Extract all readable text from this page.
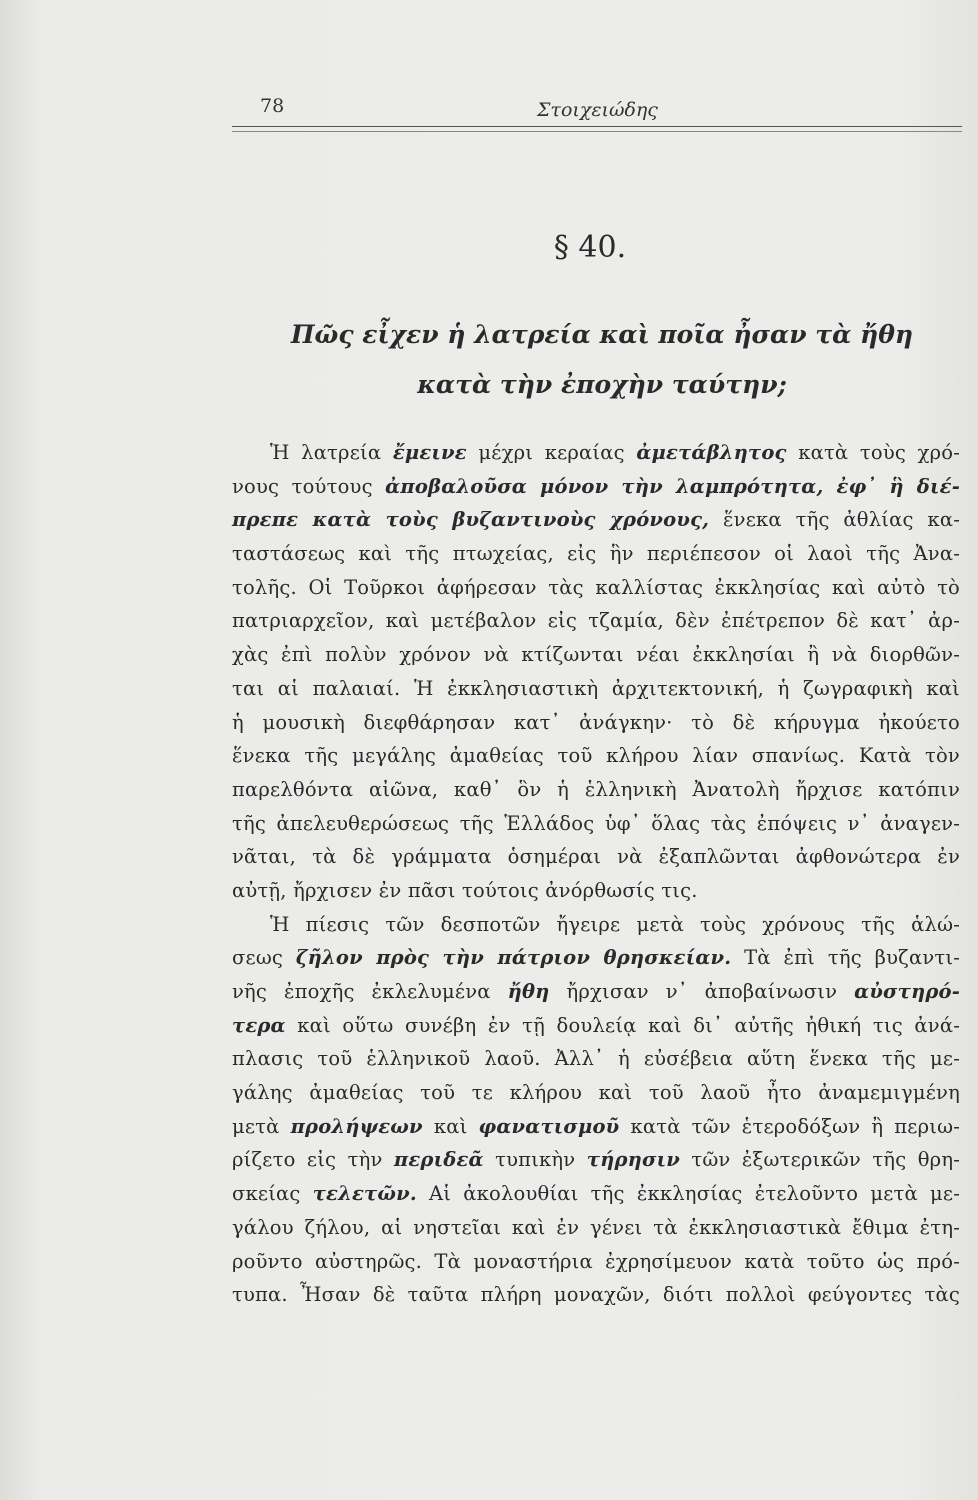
78	Στοιχειώδης
§ 40.
Πῶς εἶχεν ἡ λατρεία καὶ ποῖα ἦσαν τὰ ἤθη
κατὰ τὴν ἐποχὴν ταύτην;
Ἡ λατρεία ἔμεινε μέχρι κεραίας ἀμετάβλητος κατὰ τοὺς χρό-
νους τούτους ἀποβαλοῦσα μόνον τὴν λαμπρότητα, ἐφ᾽ ἣ διέ-
πρεπε κατὰ τοὺς βυζαντινοὺς χρόνους, ἕνεκα τῆς ἀθλίας κα-
ταστάσεως καὶ τῆς πτωχείας, εἰς ἣν περιέπεσον οἱ λαοὶ τῆς Ἀνα-
τολῆς. Οἱ Τοῦρκοι ἀφήρεσαν τὰς καλλίστας ἐκκλησίας καὶ αὐτὸ τὸ
πατριαρχεῖον, καὶ μετέβαλον εἰς τζαμία, δὲν ἐπέτρεπον δὲ κατ᾽ ἀρ-
χὰς ἐπὶ πολὺν χρόνον νὰ κτίζωνται νέαι ἐκκλησίαι ἢ νὰ διορθῶν-
ται αἱ παλαιαί. Ἡ ἐκκλησιαστικὴ ἀρχιτεκτονική, ἡ ζωγραφικὴ καὶ
ἡ μουσικὴ διεφθάρησαν κατ᾽ ἀνάγκην· τὸ δὲ κήρυγμα ἠκούετο
ἕνεκα τῆς μεγάλης ἀμαθείας τοῦ κλήρου λίαν σπανίως. Κατὰ τὸν
παρελθόντα αἰῶνα, καθ᾽ ὃν ἡ ἑλληνικὴ Ἀνατολὴ ἤρχισε κατόπιν
τῆς ἀπελευθερώσεως τῆς Ἑλλάδος ὑφ᾽ ὅλας τὰς ἐπόψεις ν᾽ ἀναγεν-
νᾶται, τὰ δὲ γράμματα ὁσημέραι νὰ ἐξαπλῶνται ἀφθονώτερα ἐν
αὐτῇ, ἤρχισεν ἐν πᾶσι τούτοις ἀνόρθωσίς τις.
Ἡ πίεσις τῶν δεσποτῶν ἤγειρε μετὰ τοὺς χρόνους τῆς ἁλώ-
σεως ζῆλον πρὸς τὴν πάτριον θρησκείαν. Τὰ ἐπὶ τῆς βυζαντι-
νῆς ἐποχῆς ἐκλελυμένα ἤθη ἤρχισαν ν᾽ ἀποβαίνωσιν αὐστηρό-
τερα καὶ οὕτω συνέβη ἐν τῇ δουλείᾳ καὶ δι᾽ αὐτῆς ἠθική τις ἀνά-
πλασις τοῦ ἑλληνικοῦ λαοῦ. Ἀλλ᾽ ἡ εὐσέβεια αὕτη ἕνεκα τῆς με-
γάλης ἀμαθείας τοῦ τε κλήρου καὶ τοῦ λαοῦ ἦτο ἀναμεμιγμένη
μετὰ προλήψεων καὶ φανατισμοῦ κατὰ τῶν ἑτεροδόξων ἢ περιω-
ρίζετο εἰς τὴν περιδεᾶ τυπικὴν τήρησιν τῶν ἐξωτερικῶν τῆς θρη-
σκείας τελετῶν. Αἱ ἀκολουθίαι τῆς ἐκκλησίας ἐτελοῦντο μετὰ με-
γάλου ζήλου, αἱ νηστεῖαι καὶ ἐν γένει τὰ ἐκκλησιαστικὰ ἔθιμα ἐτη-
ροῦντο αὐστηρῶς. Τὰ μοναστήρια ἐχρησίμευον κατὰ τοῦτο ὡς πρό-
τυπα. Ἦσαν δὲ ταῦτα πλήρη μοναχῶν, διότι πολλοὶ φεύγοντες τὰς
